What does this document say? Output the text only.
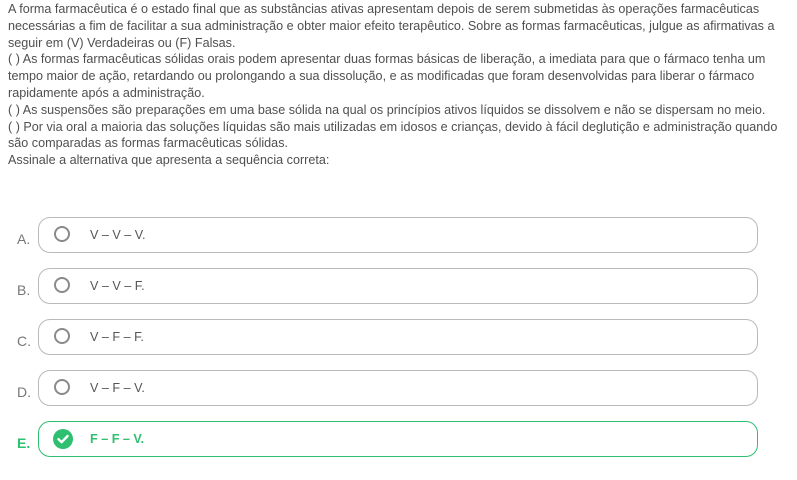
A forma farmacêutica é o estado final que as substâncias ativas apresentam depois de serem submetidas às operações farmacêuticas necessárias a fim de facilitar a sua administração e obter maior efeito terapêutico. Sobre as formas farmacêuticas, julgue as afirmativas a seguir em (V) Verdadeiras ou (F) Falsas.

( ) As formas farmacêuticas sólidas orais podem apresentar duas formas básicas de liberação, a imediata para que o fármaco tenha um tempo maior de ação, retardando ou prolongando a sua dissolução, e as modificadas que foram desenvolvidas para liberar o fármaco rapidamente após a administração.

( ) As suspensões são preparações em uma base sólida na qual os princípios ativos líquidos se dissolvem e não se dispersam no meio.

( ) Por via oral a maioria das soluções líquidas são mais utilizadas em idosos e crianças, devido à fácil deglutição e administração quando são comparadas as formas farmacêuticas sólidas.

Assinale a alternativa que apresenta a sequência correta:

A.	V – V – V.
B.	V – V – F.
C.	V – F – F.
D.	V – F – V.
E.	F – F – V.
